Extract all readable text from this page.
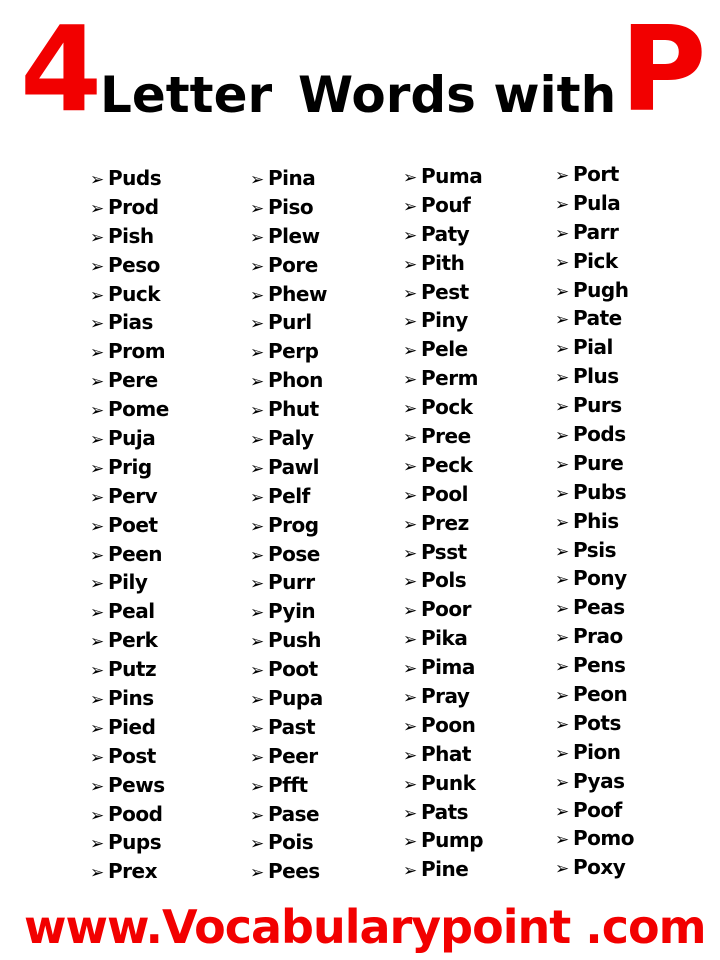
4
Letter Words with P
➢ Puds
➢ Prod
➢ Pish
➢ Peso
➢ Puck
➢ Pias
➢ Prom
➢ Pere
➢ Pome
➢ Puja
➢ Prig
➢ Perv
➢ Poet
➢ Peen
➢ Pily
➢ Peal
➢ Perk
➢ Putz
➢ Pins
➢ Pied
➢ Post
➢ Pews
➢ Pood
➢ Pups
➢ Prex
➢ Pina
➢ Piso
➢ Plew
➢ Pore
➢ Phew
➢ Purl
➢ Perp
➢ Phon
➢ Phut
➢ Paly
➢ Pawl
➢ Pelf
➢ Prog
➢ Pose
➢ Purr
➢ Pyin
➢ Push
➢ Poot
➢ Pupa
➢ Past
➢ Peer
➢ Pfft
➢ Pase
➢ Pois
➢ Pees
➢ Puma
➢ Pouf
➢ Paty
➢ Pith
➢ Pest
➢ Piny
➢ Pele
➢ Perm
➢ Pock
➢ Pree
➢ Peck
➢ Pool
➢ Prez
➢ Psst
➢ Pols
➢ Poor
➢ Pika
➢ Pima
➢ Pray
➢ Poon
➢ Phat
➢ Punk
➢ Pats
➢ Pump
➢ Pine
➢ Port
➢ Pula
➢ Parr
➢ Pick
➢ Pugh
➢ Pate
➢ Pial
➢ Plus
➢ Purs
➢ Pods
➢ Pure
➢ Pubs
➢ Phis
➢ Psis
➢ Pony
➢ Peas
➢ Prao
➢ Pens
➢ Peon
➢ Pots
➢ Pion
➢ Pyas
➢ Poof
➢ Pomo
➢ Poxy
www.Vocabularypoint .com
